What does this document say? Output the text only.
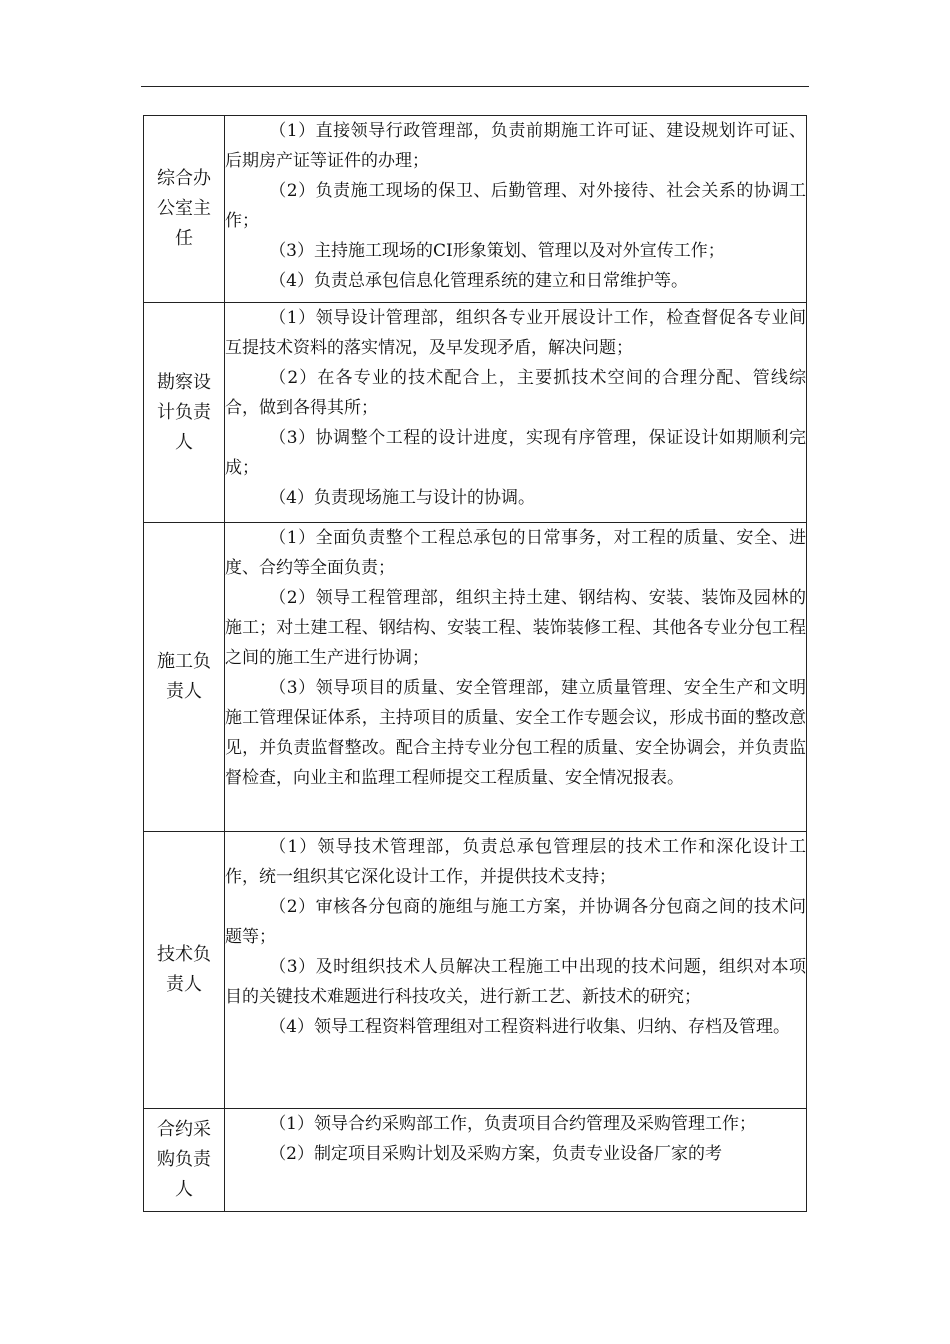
综合办公室主任	（1）直接领导行政管理部，负责前期施工许可证、建设规划许可证、后期房产证等证件的办理；

（2）负责施工现场的保卫、后勤管理、对外接待、社会关系的协调工作；

（3）主持施工现场的CI形象策划、管理以及对外宣传工作；

（4）负责总承包信息化管理系统的建立和日常维护等。

勘察设计负责人	（1）领导设计管理部，组织各专业开展设计工作，检查督促各专业间互提技术资料的落实情况，及早发现矛盾，解决问题；

（2）在各专业的技术配合上，主要抓技术空间的合理分配、管线综合，做到各得其所；

（3）协调整个工程的设计进度，实现有序管理，保证设计如期顺利完成；

（4）负责现场施工与设计的协调。

施工负责人	（1）全面负责整个工程总承包的日常事务，对工程的质量、安全、进度、合约等全面负责；

（2）领导工程管理部，组织主持土建、钢结构、安装、装饰及园林的施工；对土建工程、钢结构、安装工程、装饰装修工程、其他各专业分包工程之间的施工生产进行协调；

（3）领导项目的质量、安全管理部，建立质量管理、安全生产和文明施工管理保证体系，主持项目的质量、安全工作专题会议，形成书面的整改意见，并负责监督整改。配合主持专业分包工程的质量、安全协调会，并负责监督检查，向业主和监理工程师提交工程质量、安全情况报表。

技术负责人	（1）领导技术管理部，负责总承包管理层的技术工作和深化设计工作，统一组织其它深化设计工作，并提供技术支持；

（2）审核各分包商的施组与施工方案，并协调各分包商之间的技术问题等；

（3）及时组织技术人员解决工程施工中出现的技术问题，组织对本项目的关键技术难题进行科技攻关，进行新工艺、新技术的研究；

（4）领导工程资料管理组对工程资料进行收集、归纳、存档及管理。

合约采购负责人	（1）领导合约采购部工作，负责项目合约管理及采购管理工作；

（2）制定项目采购计划及采购方案，负责专业设备厂家的考
